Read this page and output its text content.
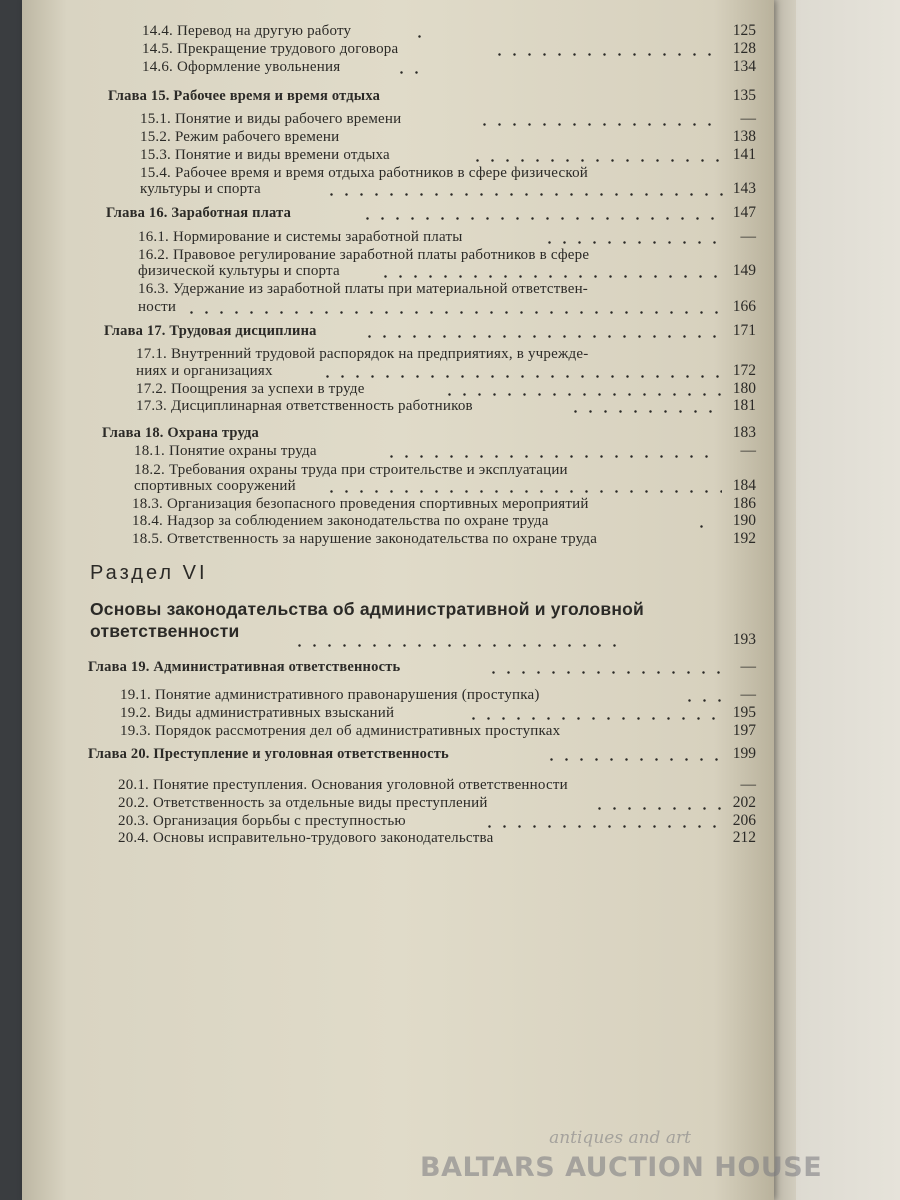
14.4. Перевод на другую работу	125
14.5. Прекращение трудового договора	128
14.6. Оформление увольнения	134
Глава 15. Рабочее время и время отдыха	135
15.1. Понятие и виды рабочего времени	—
15.2. Режим рабочего времени	138
15.3. Понятие и виды времени отдыха	141
15.4. Рабочее время и время отдыха работников в сфере физической
культуры и спорта	143
Глава 16. Заработная плата	147
16.1. Нормирование и системы заработной платы	—
16.2. Правовое регулирование заработной платы работников в сфере
физической культуры и спорта	149
16.3. Удержание из заработной платы при материальной ответствен-
ности	166
Глава 17. Трудовая дисциплина	171
17.1. Внутренний трудовой распорядок на предприятиях, в учрежде-
ниях и организациях	172
17.2. Поощрения за успехи в труде	180
17.3. Дисциплинарная ответственность работников	181
Глава 18. Охрана труда	183
18.1. Понятие охраны труда	—
18.2. Требования охраны труда при строительстве и эксплуатации
спортивных сооружений	184
18.3. Организация безопасного проведения спортивных мероприятий	186
18.4. Надзор за соблюдением законодательства по охране труда	190
18.5. Ответственность за нарушение законодательства по охране труда	192
Раздел VI
Основы законодательства об административной и уголовной
ответственности	193
Глава 19. Административная ответственность	—
19.1. Понятие административного правонарушения (проступка)	—
19.2. Виды административных взысканий	195
19.3. Порядок рассмотрения дел об административных проступках	197
Глава 20. Преступление и уголовная ответственность	199
20.1. Понятие преступления. Основания уголовной ответственности	—
20.2. Ответственность за отдельные виды преступлений	202
20.3. Организация борьбы с преступностью	206
20.4. Основы исправительно-трудового законодательства	212
antiques and art
BALTARS AUCTION HOUSE
